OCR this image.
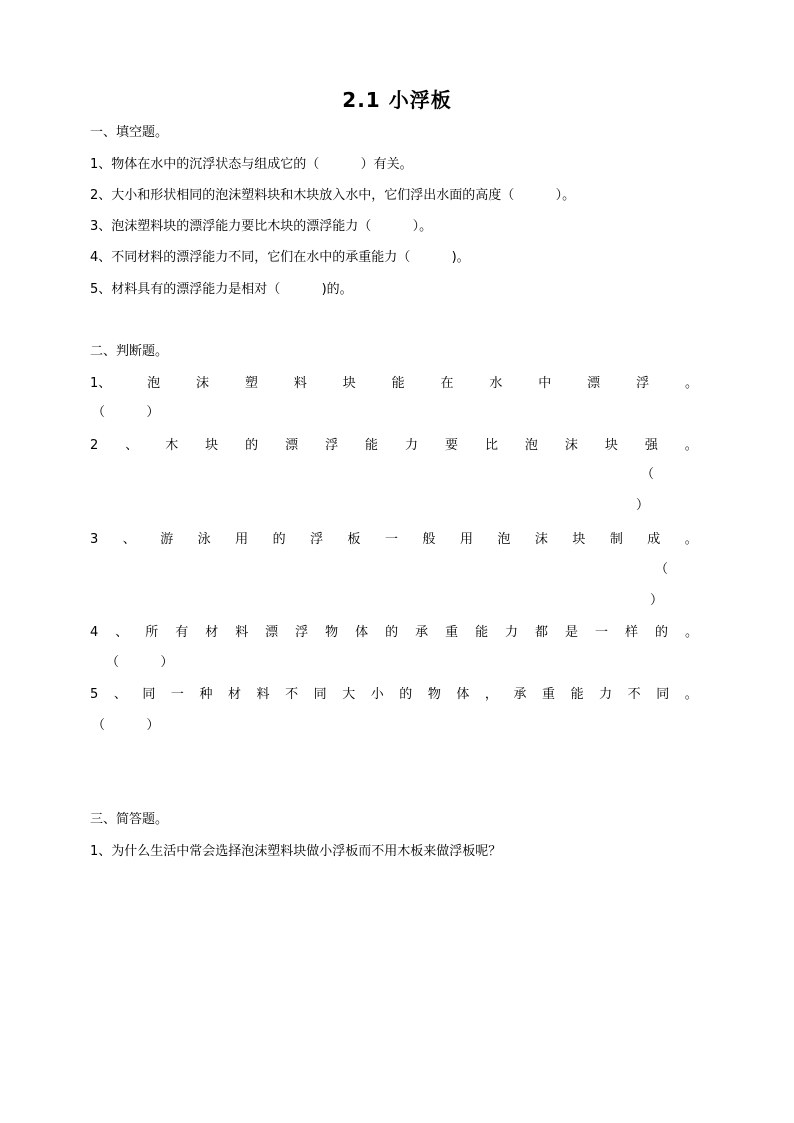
2.1 小浮板
一、填空题。
1、物体在水中的沉浮状态与组成它的（          ）有关。
2、大小和形状相同的泡沫塑料块和木块放入水中，它们浮出水面的高度（          ）。
3、泡沫塑料块的漂浮能力要比木块的漂浮能力（          ）。
4、不同材料的漂浮能力不同，它们在水中的承重能力（          )。
5、材料具有的漂浮能力是相对（          )的。
二、判断题。
1、	泡	沫	塑	料	块	能	在	水	中	漂	浮	。
（          ）
2 、 木 块 的 漂 浮 能 力 要 比 泡 沫 块 强 。
（
）
3 、 游 泳 用 的 浮 板 一 般 用 泡 沫 块 制 成 。
（
）
4 、 所 有 材 料 漂 浮 物 体 的 承 重 能 力 都 是 一 样 的 。
（          ）
5 、 同 一 种 材 料 不 同 大 小 的 物 体 ， 承 重 能 力 不 同 。
（          ）
三、简答题。
1、为什么生活中常会选择泡沫塑料块做小浮板而不用木板来做浮板呢？
